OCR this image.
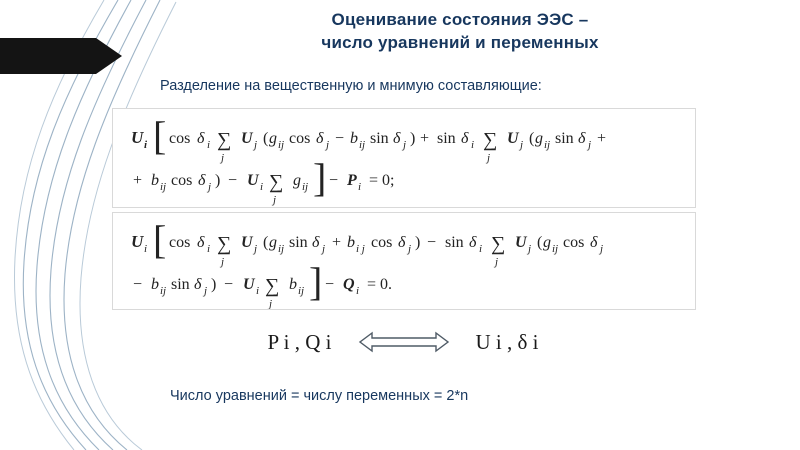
Оценивание состояния ЭЭС –
число уравнений и переменных
Разделение на вещественную и мнимую составляющие:
U i [ cos δ i ∑
j
U j ( g ij cos δ j − b ij sin δ j ) + sin δ i ∑
j
U j ( g ij sin δ j +
+ b ij cos δ j ) − U i ∑
j
g ij ] − P i = 0;
U i [ cos δ i ∑
j
U j ( g ij sin δ j + b i j cos δ j ) − sin δ i ∑
j
U j ( g ij cos δ j
− b ij sin δ j ) − U i ∑
j
b ij ] − Q i = 0.
P i , Q i	U i , δ i
Число уравнений = числу переменных = 2*n
